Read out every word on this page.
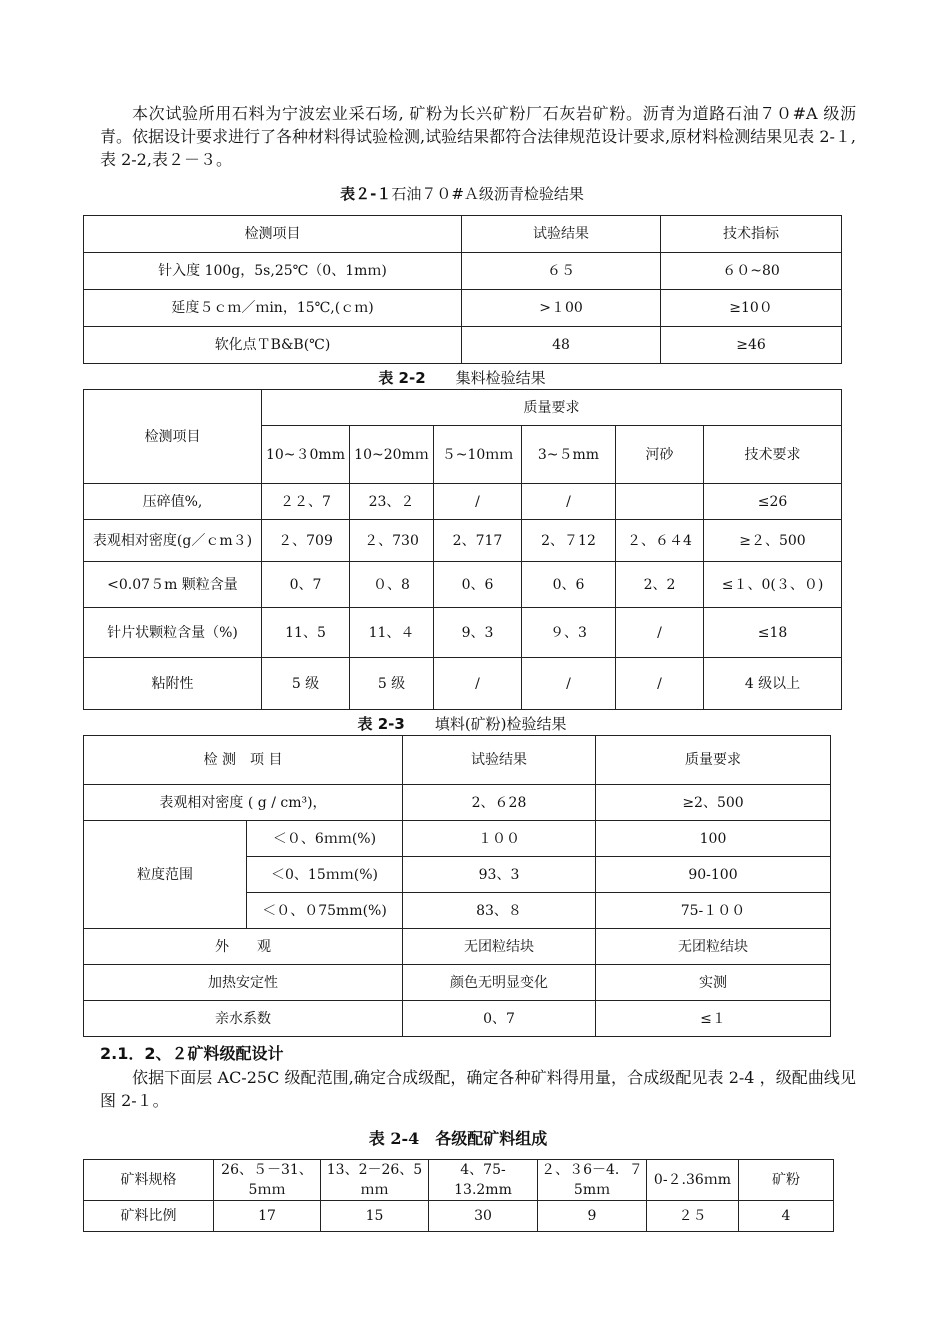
本次试验所用石料为宁波宏业采石场, 矿粉为长兴矿粉厂石灰岩矿粉。沥青为道路石油７０#A 级沥青。依据设计要求进行了各种材料得试验检测,试验结果都符合法律规范设计要求,原材料检测结果见表 2-１,表 2-2,表２－３。

表２-１石油７０#Ａ级沥青检验结果

检测项目	试验结果	技术指标
针入度 100g，5s,25℃（0、1mｍ)	６５	６０~80
延度５ｃｍ／ｍin，15℃,(ｃｍ)	>１00	≥10０
软化点ＴB&B(℃)	48	≥46

表 2-2　　 集料检验结果

检测项目	质量要求					
	10~３0mm	10~20mｍ	５~10ｍｍ	3~５mm	河砂	技术要求
压碎值%,	２２、7	23、２	/	/		≤26
表观相对密度(g／ｃm３)	２、709	２、730	2、717	2、７12	２、６４4	≥２、500
<0.07５m 颗粒含量	0、7	０、8	0、6	0、6	2、2	≤１、0(３、０)
针片状颗粒含量（%)	11、5	11、４	9、3	９、3	/	≤18
粘附性	5 级	5 级	/	/	/	4 级以上

表 2-3　　 填料(矿粉)检验结果

检 测　项 目		试验结果	质量要求
表观相对密度 ( g / cm³)，		2、６28	≥2、500
粒度范围	＜０、6ｍｍ(%)	１００	100
	＜0、15ｍｍ(%)	93、3	90-100
	＜０、０75mm(%)	83、８	75-１００
外　　观		无团粒结块	无团粒结块
加热安定性		颜色无明显变化	实测
亲水系数		0、7	≤１

2.1．2、２矿料级配设计

依据下面层 AC-25C 级配范围,确定合成级配，确定各种矿料得用量，合成级配见表 2-4 ，级配曲线见图 2-１。

表 2-4　各级配矿料组成

矿料规格	26、５－31、5ｍｍ	13、2－26、5ｍｍ	4、75-13.2mm	２、３6－4．７5mｍ	0-２.36ｍm	矿粉
矿料比例	17	15	30	9	２５	4
